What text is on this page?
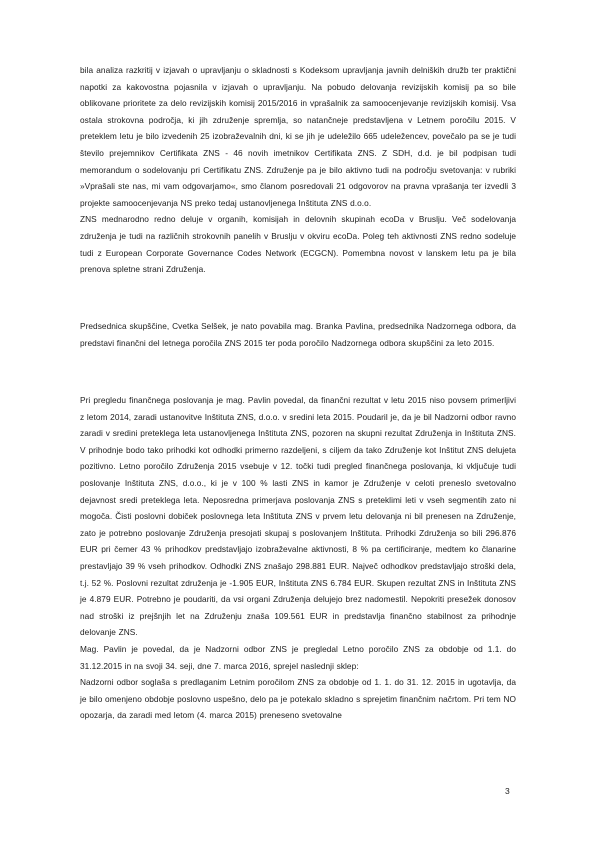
bila analiza razkritij v izjavah o upravljanju o skladnosti s Kodeksom upravljanja javnih delniških družb ter praktični napotki za kakovostna pojasnila v izjavah o upravljanju. Na pobudo delovanja revizijskih komisij pa so bile oblikovane prioritete za delo revizijskih komisij 2015/2016 in vprašalnik za samoocenjevanje revizijskih komisij. Vsa ostala strokovna področja, ki jih združenje spremlja, so natančneje predstavljena v Letnem poročilu 2015. V preteklem letu je bilo izvedenih 25 izobraževalnih dni, ki se jih je udeležilo 665 udeležencev, povečalo pa se je tudi število prejemnikov Certifikata ZNS - 46 novih imetnikov Certifikata ZNS. Z SDH, d.d. je bil podpisan tudi memorandum o sodelovanju pri Certifikatu ZNS. Združenje pa je bilo aktivno tudi na področju svetovanja: v rubriki »Vprašali ste nas, mi vam odgovarjamo«, smo članom posredovali 21 odgovorov na pravna vprašanja ter izvedli 3 projekte samoocenjevanja NS preko tedaj ustanovljenega Inštituta ZNS d.o.o.

ZNS mednarodno redno deluje v organih, komisijah in delovnih skupinah ecoDa v Bruslju. Več sodelovanja združenja je tudi na različnih strokovnih panelih v Bruslju v okviru ecoDa. Poleg teh aktivnosti ZNS redno sodeluje tudi z European Corporate Governance Codes Network (ECGCN). Pomembna novost v lanskem letu pa je bila prenova spletne strani Združenja.

Predsednica skupščine, Cvetka Selšek, je nato povabila mag. Branka Pavlina, predsednika Nadzornega odbora, da predstavi finančni del letnega poročila ZNS 2015 ter poda poročilo Nadzornega odbora skupščini za leto 2015.

Pri pregledu finančnega poslovanja je mag. Pavlin povedal, da finančni rezultat v letu 2015 niso povsem primerljivi z letom 2014, zaradi ustanovitve Inštituta ZNS, d.o.o. v sredini leta 2015. Poudaril je, da je bil Nadzorni odbor ravno zaradi v sredini preteklega leta ustanovljenega Inštituta ZNS, pozoren na skupni rezultat Združenja in Inštituta ZNS. V prihodnje bodo tako prihodki kot odhodki primerno razdeljeni, s ciljem da tako Združenje kot Inštitut ZNS delujeta pozitivno. Letno poročilo Združenja 2015 vsebuje v 12. točki tudi pregled finančnega poslovanja, ki vključuje tudi poslovanje Inštituta ZNS, d.o.o., ki je v 100 % lasti ZNS in kamor je Združenje v celoti preneslo svetovalno dejavnost sredi preteklega leta. Neposredna primerjava poslovanja ZNS s preteklimi leti v vseh segmentih zato ni mogoča. Čisti poslovni dobiček poslovnega leta Inštituta ZNS v prvem letu delovanja ni bil prenesen na Združenje, zato je potrebno poslovanje Združenja presojati skupaj s poslovanjem Inštituta. Prihodki Združenja so bili 296.876 EUR pri čemer 43 % prihodkov predstavljajo izobraževalne aktivnosti, 8 % pa certificiranje, medtem ko članarine prestavljajo 39 % vseh prihodkov. Odhodki ZNS znašajo 298.881 EUR. Največ odhodkov predstavljajo stroški dela, t.j. 52 %. Poslovni rezultat združenja je -1.905 EUR, Inštituta ZNS 6.784 EUR. Skupen rezultat ZNS in Inštituta ZNS je 4.879 EUR. Potrebno je poudariti, da vsi organi Združenja delujejo brez nadomestil. Nepokriti presežek donosov nad stroški iz prejšnjih let na Združenju znaša 109.561 EUR in predstavlja finančno stabilnost za prihodnje delovanje ZNS.

Mag. Pavlin je povedal, da je Nadzorni odbor ZNS je pregledal Letno poročilo ZNS za obdobje od 1.1. do 31.12.2015 in na svoji 34. seji, dne 7. marca 2016, sprejel naslednji sklep:

Nadzorni odbor soglaša s predlaganim Letnim poročilom ZNS za obdobje od 1. 1. do 31. 12. 2015 in ugotavlja, da je bilo omenjeno obdobje poslovno uspešno, delo pa je potekalo skladno s sprejetim finančnim načrtom. Pri tem NO opozarja, da zaradi med letom (4. marca 2015) preneseno svetovalne

3
